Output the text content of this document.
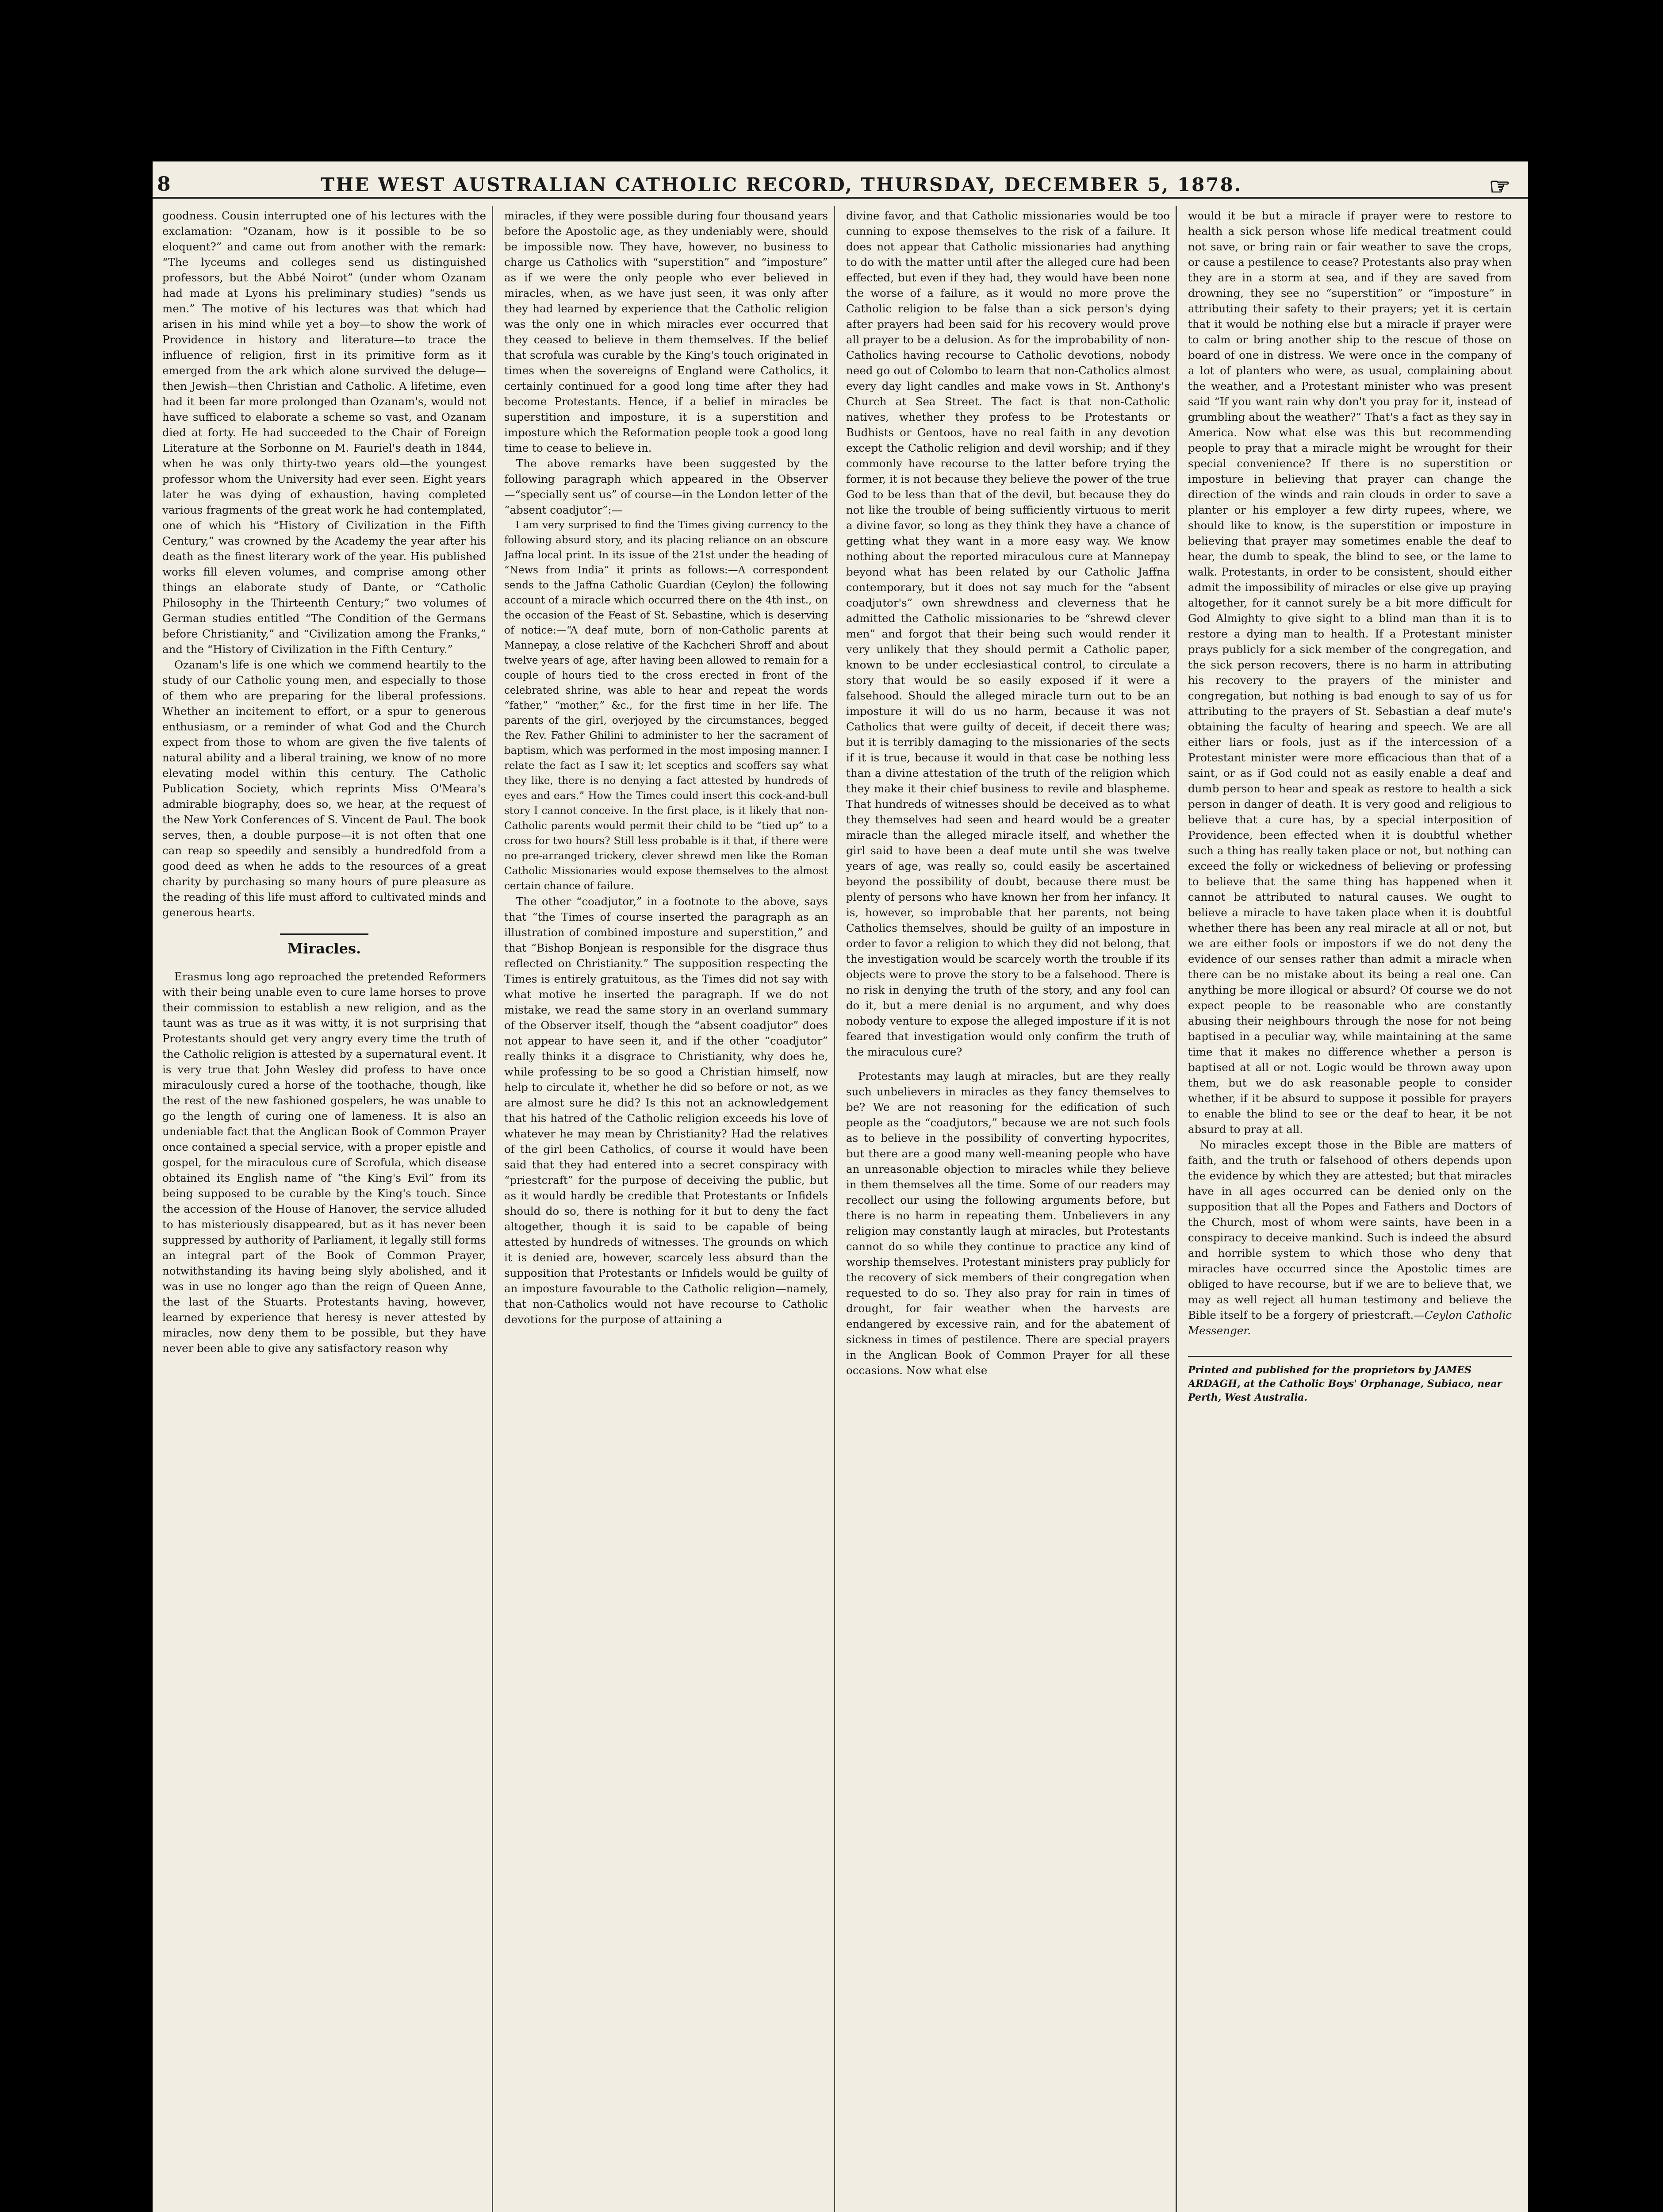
8	THE WEST AUSTRALIAN CATHOLIC RECORD, THURSDAY, DECEMBER 5, 1878.	☞

goodness. Cousin interrupted one of his lectures with the exclamation: “Ozanam, how is it possible to be so eloquent?” and came out from another with the remark: “The lyceums and colleges send us distinguished professors, but the Abbé Noirot” (under whom Ozanam had made at Lyons his preliminary studies) “sends us men.” The motive of his lectures was that which had arisen in his mind while yet a boy—to show the work of Providence in history and literature—to trace the influence of religion, first in its primitive form as it emerged from the ark which alone survived the deluge—then Jewish—then Christian and Catholic. A lifetime, even had it been far more prolonged than Ozanam's, would not have sufficed to elaborate a scheme so vast, and Ozanam died at forty. He had succeeded to the Chair of Foreign Literature at the Sorbonne on M. Fauriel's death in 1844, when he was only thirty-two years old—the youngest professor whom the University had ever seen. Eight years later he was dying of exhaustion, having completed various fragments of the great work he had contemplated, one of which his “History of Civilization in the Fifth Century,” was crowned by the Academy the year after his death as the finest literary work of the year. His published works fill eleven volumes, and comprise among other things an elaborate study of Dante, or “Catholic Philosophy in the Thirteenth Century;” two volumes of German studies entitled “The Condition of the Germans before Christianity,” and “Civilization among the Franks,” and the “History of Civilization in the Fifth Century.”

Ozanam's life is one which we commend heartily to the study of our Catholic young men, and especially to those of them who are preparing for the liberal professions. Whether an incitement to effort, or a spur to generous enthusiasm, or a reminder of what God and the Church expect from those to whom are given the five talents of natural ability and a liberal training, we know of no more elevating model within this century. The Catholic Publication Society, which reprints Miss O'Meara's admirable biography, does so, we hear, at the request of the New York Conferences of S. Vincent de Paul. The book serves, then, a double purpose—it is not often that one can reap so speedily and sensibly a hundredfold from a good deed as when he adds to the resources of a great charity by purchasing so many hours of pure pleasure as the reading of this life must afford to cultivated minds and generous hearts.

Miracles.

Erasmus long ago reproached the pretended Reformers with their being unable even to cure lame horses to prove their commission to establish a new religion, and as the taunt was as true as it was witty, it is not surprising that Protestants should get very angry every time the truth of the Catholic religion is attested by a supernatural event. It is very true that John Wesley did profess to have once miraculously cured a horse of the toothache, though, like the rest of the new fashioned gospelers, he was unable to go the length of curing one of lameness. It is also an undeniable fact that the Anglican Book of Common Prayer once contained a special service, with a proper epistle and gospel, for the miraculous cure of Scrofula, which disease obtained its English name of “the King's Evil” from its being supposed to be curable by the King's touch. Since the accession of the House of Hanover, the service alluded to has misteriously disappeared, but as it has never been suppressed by authority of Parliament, it legally still forms an integral part of the Book of Common Prayer, notwithstanding its having being slyly abolished, and it was in use no longer ago than the reign of Queen Anne, the last of the Stuarts. Protestants having, however, learned by experience that heresy is never attested by miracles, now deny them to be possible, but they have never been able to give any satisfactory reason why

miracles, if they were possible during four thousand years before the Apostolic age, as they undeniably were, should be impossible now. They have, however, no business to charge us Catholics with “superstition” and “imposture” as if we were the only people who ever believed in miracles, when, as we have just seen, it was only after they had learned by experience that the Catholic religion was the only one in which miracles ever occurred that they ceased to believe in them themselves. If the belief that scrofula was curable by the King's touch originated in times when the sovereigns of England were Catholics, it certainly continued for a good long time after they had become Protestants. Hence, if a belief in miracles be superstition and imposture, it is a superstition and imposture which the Reformation people took a good long time to cease to believe in.

The above remarks have been suggested by the following paragraph which appeared in the Observer—“specially sent us” of course—in the London letter of the “absent coadjutor”:—

I am very surprised to find the Times giving currency to the following absurd story, and its placing reliance on an obscure Jaffna local print. In its issue of the 21st under the heading of “News from India” it prints as follows:—A correspondent sends to the Jaffna Catholic Guardian (Ceylon) the following account of a miracle which occurred there on the 4th inst., on the occasion of the Feast of St. Sebastine, which is deserving of notice:—“A deaf mute, born of non-Catholic parents at Mannepay, a close relative of the Kachcheri Shroff and about twelve years of age, after having been allowed to remain for a couple of hours tied to the cross erected in front of the celebrated shrine, was able to hear and repeat the words “father,” “mother,” &c., for the first time in her life. The parents of the girl, overjoyed by the circumstances, begged the Rev. Father Ghilini to administer to her the sacrament of baptism, which was performed in the most imposing manner. I relate the fact as I saw it; let sceptics and scoffers say what they like, there is no denying a fact attested by hundreds of eyes and ears.” How the Times could insert this cock-and-bull story I cannot conceive. In the first place, is it likely that non-Catholic parents would permit their child to be “tied up” to a cross for two hours? Still less probable is it that, if there were no pre-arranged trickery, clever shrewd men like the Roman Catholic Missionaries would expose themselves to the almost certain chance of failure.

The other “coadjutor,” in a footnote to the above, says that “the Times of course inserted the paragraph as an illustration of combined imposture and superstition,” and that “Bishop Bonjean is responsible for the disgrace thus reflected on Christianity.” The supposition respecting the Times is entirely gratuitous, as the Times did not say with what motive he inserted the paragraph. If we do not mistake, we read the same story in an overland summary of the Observer itself, though the “absent coadjutor” does not appear to have seen it, and if the other “coadjutor” really thinks it a disgrace to Christianity, why does he, while professing to be so good a Christian himself, now help to circulate it, whether he did so before or not, as we are almost sure he did? Is this not an acknowledgement that his hatred of the Catholic religion exceeds his love of whatever he may mean by Christianity? Had the relatives of the girl been Catholics, of course it would have been said that they had entered into a secret conspiracy with “priestcraft” for the purpose of deceiving the public, but as it would hardly be credible that Protestants or Infidels should do so, there is nothing for it but to deny the fact altogether, though it is said to be capable of being attested by hundreds of witnesses. The grounds on which it is denied are, however, scarcely less absurd than the supposition that Protestants or Infidels would be guilty of an imposture favourable to the Catholic religion—namely, that non-Catholics would not have recourse to Catholic devotions for the purpose of attaining a

divine favor, and that Catholic missionaries would be too cunning to expose themselves to the risk of a failure. It does not appear that Catholic missionaries had anything to do with the matter until after the alleged cure had been effected, but even if they had, they would have been none the worse of a failure, as it would no more prove the Catholic religion to be false than a sick person's dying after prayers had been said for his recovery would prove all prayer to be a delusion. As for the improbability of non-Catholics having recourse to Catholic devotions, nobody need go out of Colombo to learn that non-Catholics almost every day light candles and make vows in St. Anthony's Church at Sea Street. The fact is that non-Catholic natives, whether they profess to be Protestants or Budhists or Gentoos, have no real faith in any devotion except the Catholic religion and devil worship; and if they commonly have recourse to the latter before trying the former, it is not because they believe the power of the true God to be less than that of the devil, but because they do not like the trouble of being sufficiently virtuous to merit a divine favor, so long as they think they have a chance of getting what they want in a more easy way. We know nothing about the reported miraculous cure at Mannepay beyond what has been related by our Catholic Jaffna contemporary, but it does not say much for the “absent coadjutor's” own shrewdness and cleverness that he admitted the Catholic missionaries to be “shrewd clever men” and forgot that their being such would render it very unlikely that they should permit a Catholic paper, known to be under ecclesiastical control, to circulate a story that would be so easily exposed if it were a falsehood. Should the alleged miracle turn out to be an imposture it will do us no harm, because it was not Catholics that were guilty of deceit, if deceit there was; but it is terribly damaging to the missionaries of the sects if it is true, because it would in that case be nothing less than a divine attestation of the truth of the religion which they make it their chief business to revile and blaspheme. That hundreds of witnesses should be deceived as to what they themselves had seen and heard would be a greater miracle than the alleged miracle itself, and whether the girl said to have been a deaf mute until she was twelve years of age, was really so, could easily be ascertained beyond the possibility of doubt, because there must be plenty of persons who have known her from her infancy. It is, however, so improbable that her parents, not being Catholics themselves, should be guilty of an imposture in order to favor a religion to which they did not belong, that the investigation would be scarcely worth the trouble if its objects were to prove the story to be a falsehood. There is no risk in denying the truth of the story, and any fool can do it, but a mere denial is no argument, and why does nobody venture to expose the alleged imposture if it is not feared that investigation would only confirm the truth of the miraculous cure?

Protestants may laugh at miracles, but are they really such unbelievers in miracles as they fancy themselves to be? We are not reasoning for the edification of such people as the “coadjutors,” because we are not such fools as to believe in the possibility of converting hypocrites, but there are a good many well-meaning people who have an unreasonable objection to miracles while they believe in them themselves all the time. Some of our readers may recollect our using the following arguments before, but there is no harm in repeating them. Unbelievers in any religion may constantly laugh at miracles, but Protestants cannot do so while they continue to practice any kind of worship themselves. Protestant ministers pray publicly for the recovery of sick members of their congregation when requested to do so. They also pray for rain in times of drought, for fair weather when the harvests are endangered by excessive rain, and for the abatement of sickness in times of pestilence. There are special prayers in the Anglican Book of Common Prayer for all these occasions. Now what else

would it be but a miracle if prayer were to restore to health a sick person whose life medical treatment could not save, or bring rain or fair weather to save the crops, or cause a pestilence to cease? Protestants also pray when they are in a storm at sea, and if they are saved from drowning, they see no “superstition” or “imposture” in attributing their safety to their prayers; yet it is certain that it would be nothing else but a miracle if prayer were to calm or bring another ship to the rescue of those on board of one in distress. We were once in the company of a lot of planters who were, as usual, complaining about the weather, and a Protestant minister who was present said “If you want rain why don't you pray for it, instead of grumbling about the weather?” That's a fact as they say in America. Now what else was this but recommending people to pray that a miracle might be wrought for their special convenience? If there is no superstition or imposture in believing that prayer can change the direction of the winds and rain clouds in order to save a planter or his employer a few dirty rupees, where, we should like to know, is the superstition or imposture in believing that prayer may sometimes enable the deaf to hear, the dumb to speak, the blind to see, or the lame to walk. Protestants, in order to be consistent, should either admit the impossibility of miracles or else give up praying altogether, for it cannot surely be a bit more difficult for God Almighty to give sight to a blind man than it is to restore a dying man to health. If a Protestant minister prays publicly for a sick member of the congregation, and the sick person recovers, there is no harm in attributing his recovery to the prayers of the minister and congregation, but nothing is bad enough to say of us for attributing to the prayers of St. Sebastian a deaf mute's obtaining the faculty of hearing and speech. We are all either liars or fools, just as if the intercession of a Protestant minister were more efficacious than that of a saint, or as if God could not as easily enable a deaf and dumb person to hear and speak as restore to health a sick person in danger of death. It is very good and religious to believe that a cure has, by a special interposition of Providence, been effected when it is doubtful whether such a thing has really taken place or not, but nothing can exceed the folly or wickedness of believing or professing to believe that the same thing has happened when it cannot be attributed to natural causes. We ought to believe a miracle to have taken place when it is doubtful whether there has been any real miracle at all or not, but we are either fools or impostors if we do not deny the evidence of our senses rather than admit a miracle when there can be no mistake about its being a real one. Can anything be more illogical or absurd? Of course we do not expect people to be reasonable who are constantly abusing their neighbours through the nose for not being baptised in a peculiar way, while maintaining at the same time that it makes no difference whether a person is baptised at all or not. Logic would be thrown away upon them, but we do ask reasonable people to consider whether, if it be absurd to suppose it possible for prayers to enable the blind to see or the deaf to hear, it be not absurd to pray at all.

No miracles except those in the Bible are matters of faith, and the truth or falsehood of others depends upon the evidence by which they are attested; but that miracles have in all ages occurred can be denied only on the supposition that all the Popes and Fathers and Doctors of the Church, most of whom were saints, have been in a conspiracy to deceive mankind. Such is indeed the absurd and horrible system to which those who deny that miracles have occurred since the Apostolic times are obliged to have recourse, but if we are to believe that, we may as well reject all human testimony and believe the Bible itself to be a forgery of priestcraft.—Ceylon Catholic Messenger.

Printed and published for the proprietors by JAMES ARDAGH, at the Catholic Boys' Orphanage, Subiaco, near Perth, West Australia.
